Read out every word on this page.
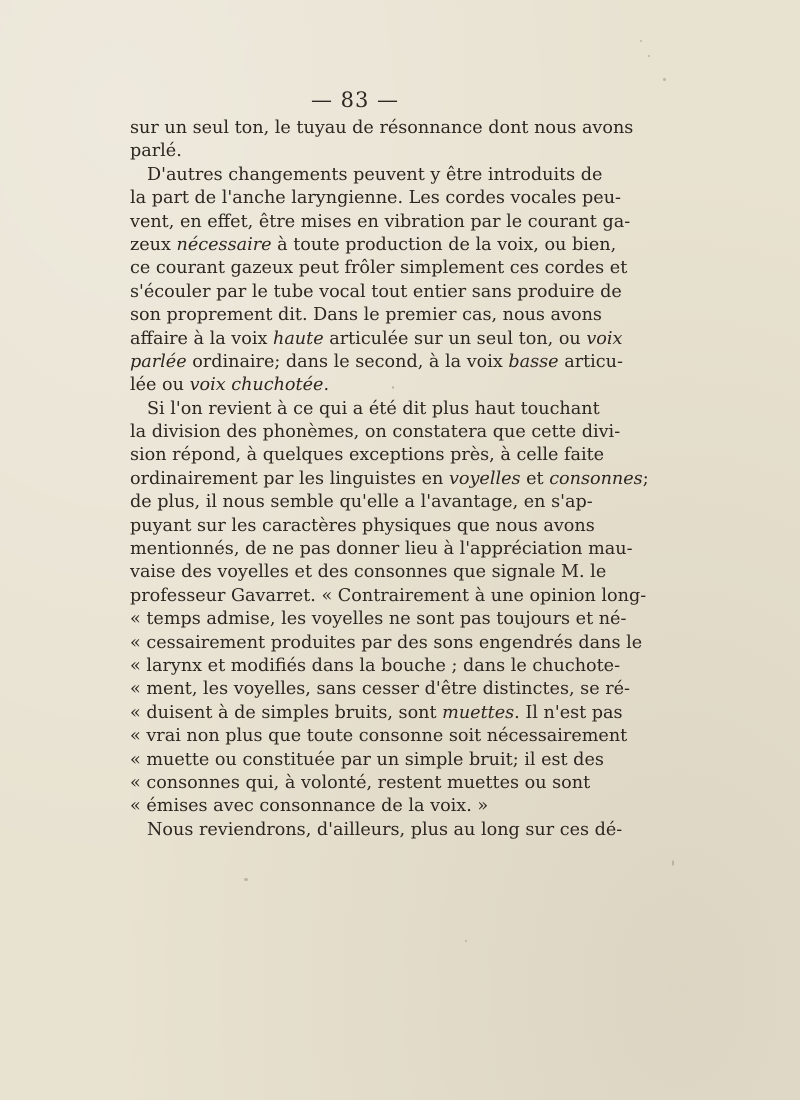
— 83 —
sur un seul ton, le tuyau de résonnance dont nous avons
parlé.
D'autres changements peuvent y être introduits de
la part de l'anche laryngienne. Les cordes vocales peu-
vent, en effet, être mises en vibration par le courant ga-
zeux nécessaire à toute production de la voix, ou bien,
ce courant gazeux peut frôler simplement ces cordes et
s'écouler par le tube vocal tout entier sans produire de
son proprement dit. Dans le premier cas, nous avons
affaire à la voix haute articulée sur un seul ton, ou voix
parlée ordinaire; dans le second, à la voix basse articu-
lée ou voix chuchotée.
Si l'on revient à ce qui a été dit plus haut touchant
la division des phonèmes, on constatera que cette divi-
sion répond, à quelques exceptions près, à celle faite
ordinairement par les linguistes en voyelles et consonnes;
de plus, il nous semble qu'elle a l'avantage, en s'ap-
puyant sur les caractères physiques que nous avons
mentionnés, de ne pas donner lieu à l'appréciation mau-
vaise des voyelles et des consonnes que signale M. le
professeur Gavarret. « Contrairement à une opinion long-
« temps admise, les voyelles ne sont pas toujours et né-
« cessairement produites par des sons engendrés dans le
« larynx et modifiés dans la bouche ; dans le chuchote-
« ment, les voyelles, sans cesser d'être distinctes, se ré-
« duisent à de simples bruits, sont muettes. Il n'est pas
« vrai non plus que toute consonne soit nécessairement
« muette ou constituée par un simple bruit; il est des
« consonnes qui, à volonté, restent muettes ou sont
« émises avec consonnance de la voix. »
Nous reviendrons, d'ailleurs, plus au long sur ces dé-
